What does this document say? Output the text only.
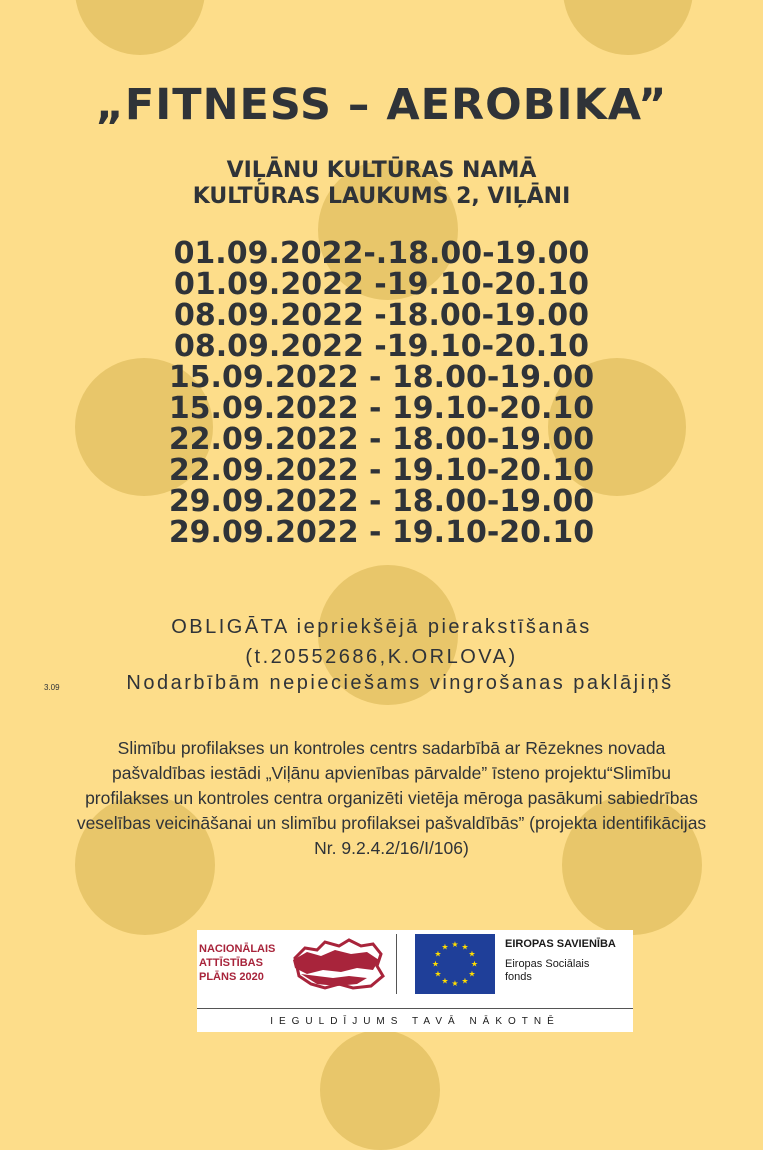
„FITNESS – AEROBIKA”
VIĻĀNU KULTŪRAS NAMĀ
KULTŪRAS LAUKUMS 2, VIĻĀNI
01.09.2022-.18.00-19.00
01.09.2022 -19.10-20.10
08.09.2022 -18.00-19.00
08.09.2022 -19.10-20.10
15.09.2022 - 18.00-19.00
15.09.2022 - 19.10-20.10
22.09.2022 - 18.00-19.00
22.09.2022 - 19.10-20.10
29.09.2022 - 18.00-19.00
29.09.2022 - 19.10-20.10
OBLIGĀTA iepriekšējā pierakstīšanās
(t.20552686,K.ORLOVA)
3.09	Nodarbībām nepieciešams vingrošanas paklājiņš
Slimību profilakses un kontroles centrs sadarbībā ar Rēzeknes novada
pašvaldības iestādi „Viļānu apvienības pārvalde” īsteno projektu“Slimību
profilakses un kontroles centra organizēti vietēja mēroga pasākumi sabiedrības
veselības veicināšanai un slimību profilaksei pašvaldībās” (projekta identifikācijas
Nr. 9.2.4.2/16/I/106)
NACIONĀLAIS
ATTĪSTĪBAS
PLĀNS 2020
★ ★
★
★
★
★
★
★
★
★
★
★	EIROPAS SAVIENĪBA
Eiropas Sociālais
fonds
IEGULDĪJUMS TAVĀ NĀKOTNĒ
